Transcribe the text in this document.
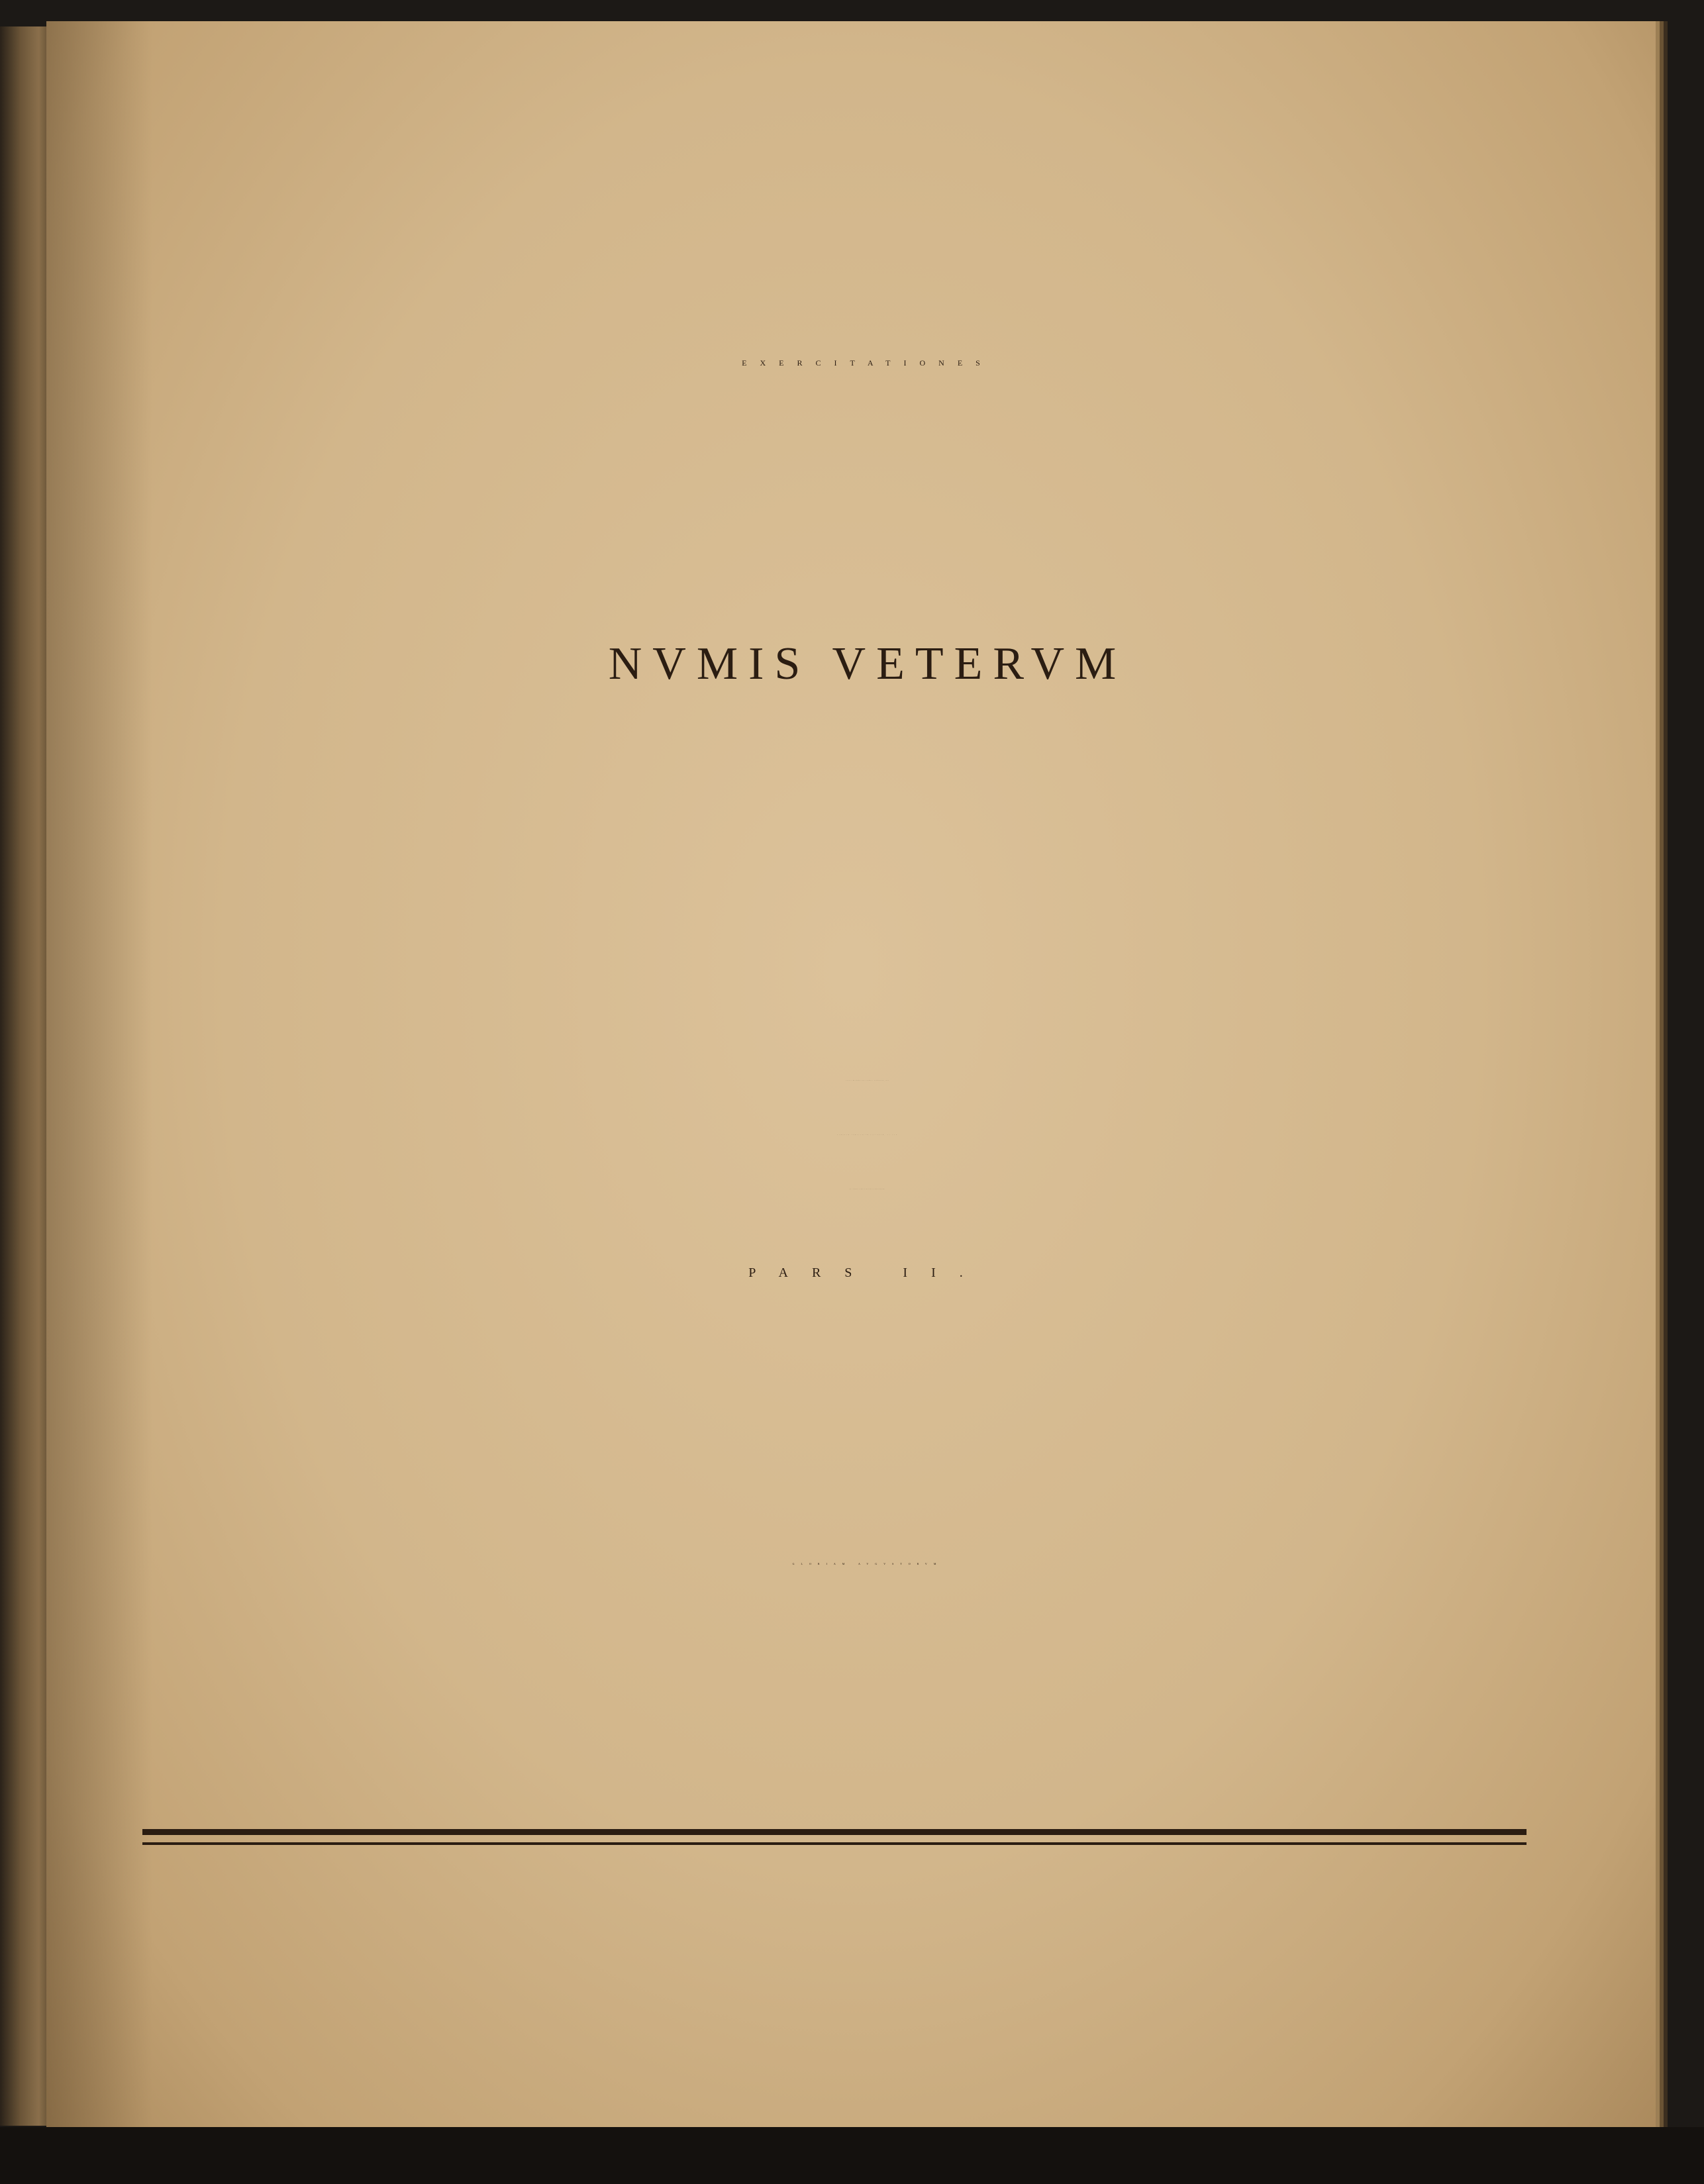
EXERCITATIONES
NVMIS VETERVM
FACILI METHODO PER EXEMPLA PANDVNTVR, OPE
NVMORVM COMPLVRIVM PICTORVM, ET PER
DIALOGOS FAMILIARITER EXPOSITORVM.
PARS II.
GLORIAM AVGVSTORVM
